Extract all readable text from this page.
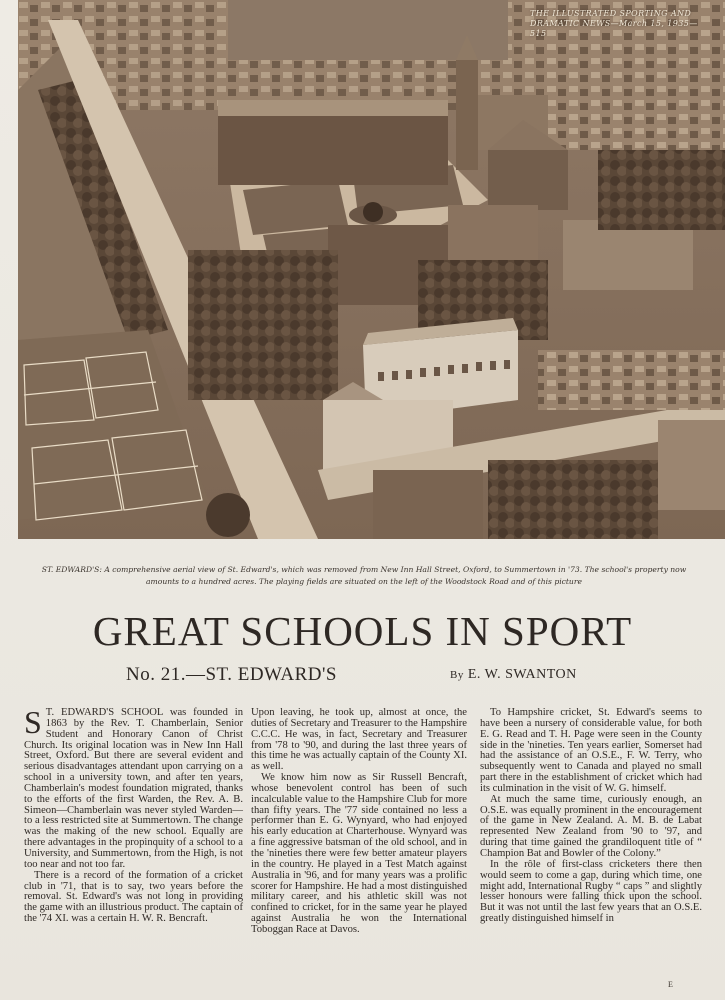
THE ILLUSTRATED SPORTING AND
DRAMATIC NEWS—March 15, 1935—515
ST. EDWARD'S: A comprehensive aerial view of St. Edward's, which was removed from New Inn Hall Street, Oxford, to Summertown in '73. The school's property now amounts to a hundred acres. The playing fields are situated on the left of the Woodstock Road and of this picture
GREAT SCHOOLS IN SPORT
No. 21.—ST. EDWARD'S	By E. W. SWANTON

S T. EDWARD'S SCHOOL was founded in 1863 by the Rev. T. Chamberlain, Senior Student and Honorary Canon of Christ Church. Its original location was in New Inn Hall Street, Oxford. But there are several evident and serious disadvantages attendant upon carrying on a school in a university town, and after ten years, Chamberlain's modest foundation migrated, thanks to the efforts of the first Warden, the Rev. A. B. Simeon—Chamberlain was never styled Warden—to a less restricted site at Summertown. The change was the making of the new school. Equally are there advantages in the propinquity of a school to a University, and Summertown, from the High, is not too near and not too far.

There is a record of the formation of a cricket club in '71, that is to say, two years before the removal. St. Edward's was not long in providing the game with an illustrious product. The captain of the '74 XI. was a certain H. W. R. Bencraft.

Upon leaving, he took up, almost at once, the duties of Secretary and Treasurer to the Hampshire C.C.C. He was, in fact, Secretary and Treasurer from '78 to '90, and during the last three years of this time he was actually captain of the County XI. as well.

We know him now as Sir Russell Bencraft, whose benevolent control has been of such incalculable value to the Hampshire Club for more than fifty years. The '77 side contained no less a performer than E. G. Wynyard, who had enjoyed his early education at Charterhouse. Wynyard was a fine aggressive batsman of the old school, and in the 'nineties there were few better amateur players in the country. He played in a Test Match against Australia in '96, and for many years was a prolific scorer for Hampshire. He had a most distinguished military career, and his athletic skill was not confined to cricket, for in the same year he played against Australia he won the International Toboggan Race at Davos.

To Hampshire cricket, St. Edward's seems to have been a nursery of considerable value, for both E. G. Read and T. H. Page were seen in the County side in the 'nineties. Ten years earlier, Somerset had had the assistance of an O.S.E., F. W. Terry, who subsequently went to Canada and played no small part there in the establishment of cricket which had its culmination in the visit of W. G. himself.

At much the same time, curiously enough, an O.S.E. was equally prominent in the encouragement of the game in New Zealand. A. M. B. de Labat represented New Zealand from '90 to '97, and during that time gained the grandiloquent title of “ Champion Bat and Bowler of the Colony.”

In the rôle of first-class cricketers there then would seem to come a gap, during which time, one might add, International Rugby “ caps ” and slightly lesser honours were falling thick upon the school. But it was not until the last few years that an O.S.E. greatly distinguished himself in

E
